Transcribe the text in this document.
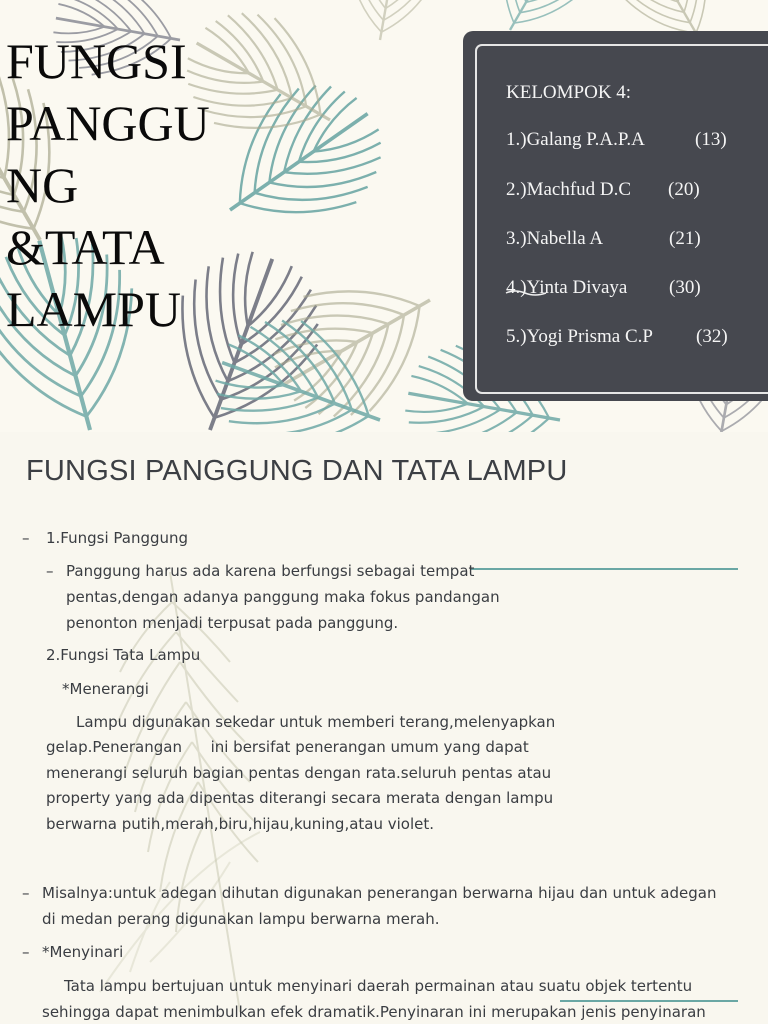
FUNGSI
PANGGU
NG
&TATA
LAMPU
KELOMPOK 4:
1.)Galang P.A.P.A	(13)
2.)Machfud D.C (20)
3.)Nabella A	(21)
4.)Yinta Divaya (30)
5.)Yogi Prisma C.P (32)
FUNGSI PANGGUNG DAN TATA LAMPU
– 1.Fungsi Panggung
– Panggung harus ada karena berfungsi sebagai tempat
pentas,dengan adanya panggung maka fokus pandangan
penonton menjadi terpusat pada panggung.
2.Fungsi Tata Lampu
*Menerangi
Lampu digunakan sekedar untuk memberi terang,melenyapkan
gelap.Penerangan      ini bersifat penerangan umum yang dapat
menerangi seluruh bagian pentas dengan rata.seluruh pentas atau
property yang ada dipentas diterangi secara merata dengan lampu
berwarna putih,merah,biru,hijau,kuning,atau violet.
– Misalnya:untuk adegan dihutan digunakan penerangan berwarna hijau dan untuk adegan
di medan perang digunakan lampu berwarna merah.
– *Menyinari
Tata lampu bertujuan untuk menyinari daerah permainan atau suatu objek tertentu
sehingga dapat menimbulkan efek dramatik.Penyinaran ini merupakan jenis penyinaran
